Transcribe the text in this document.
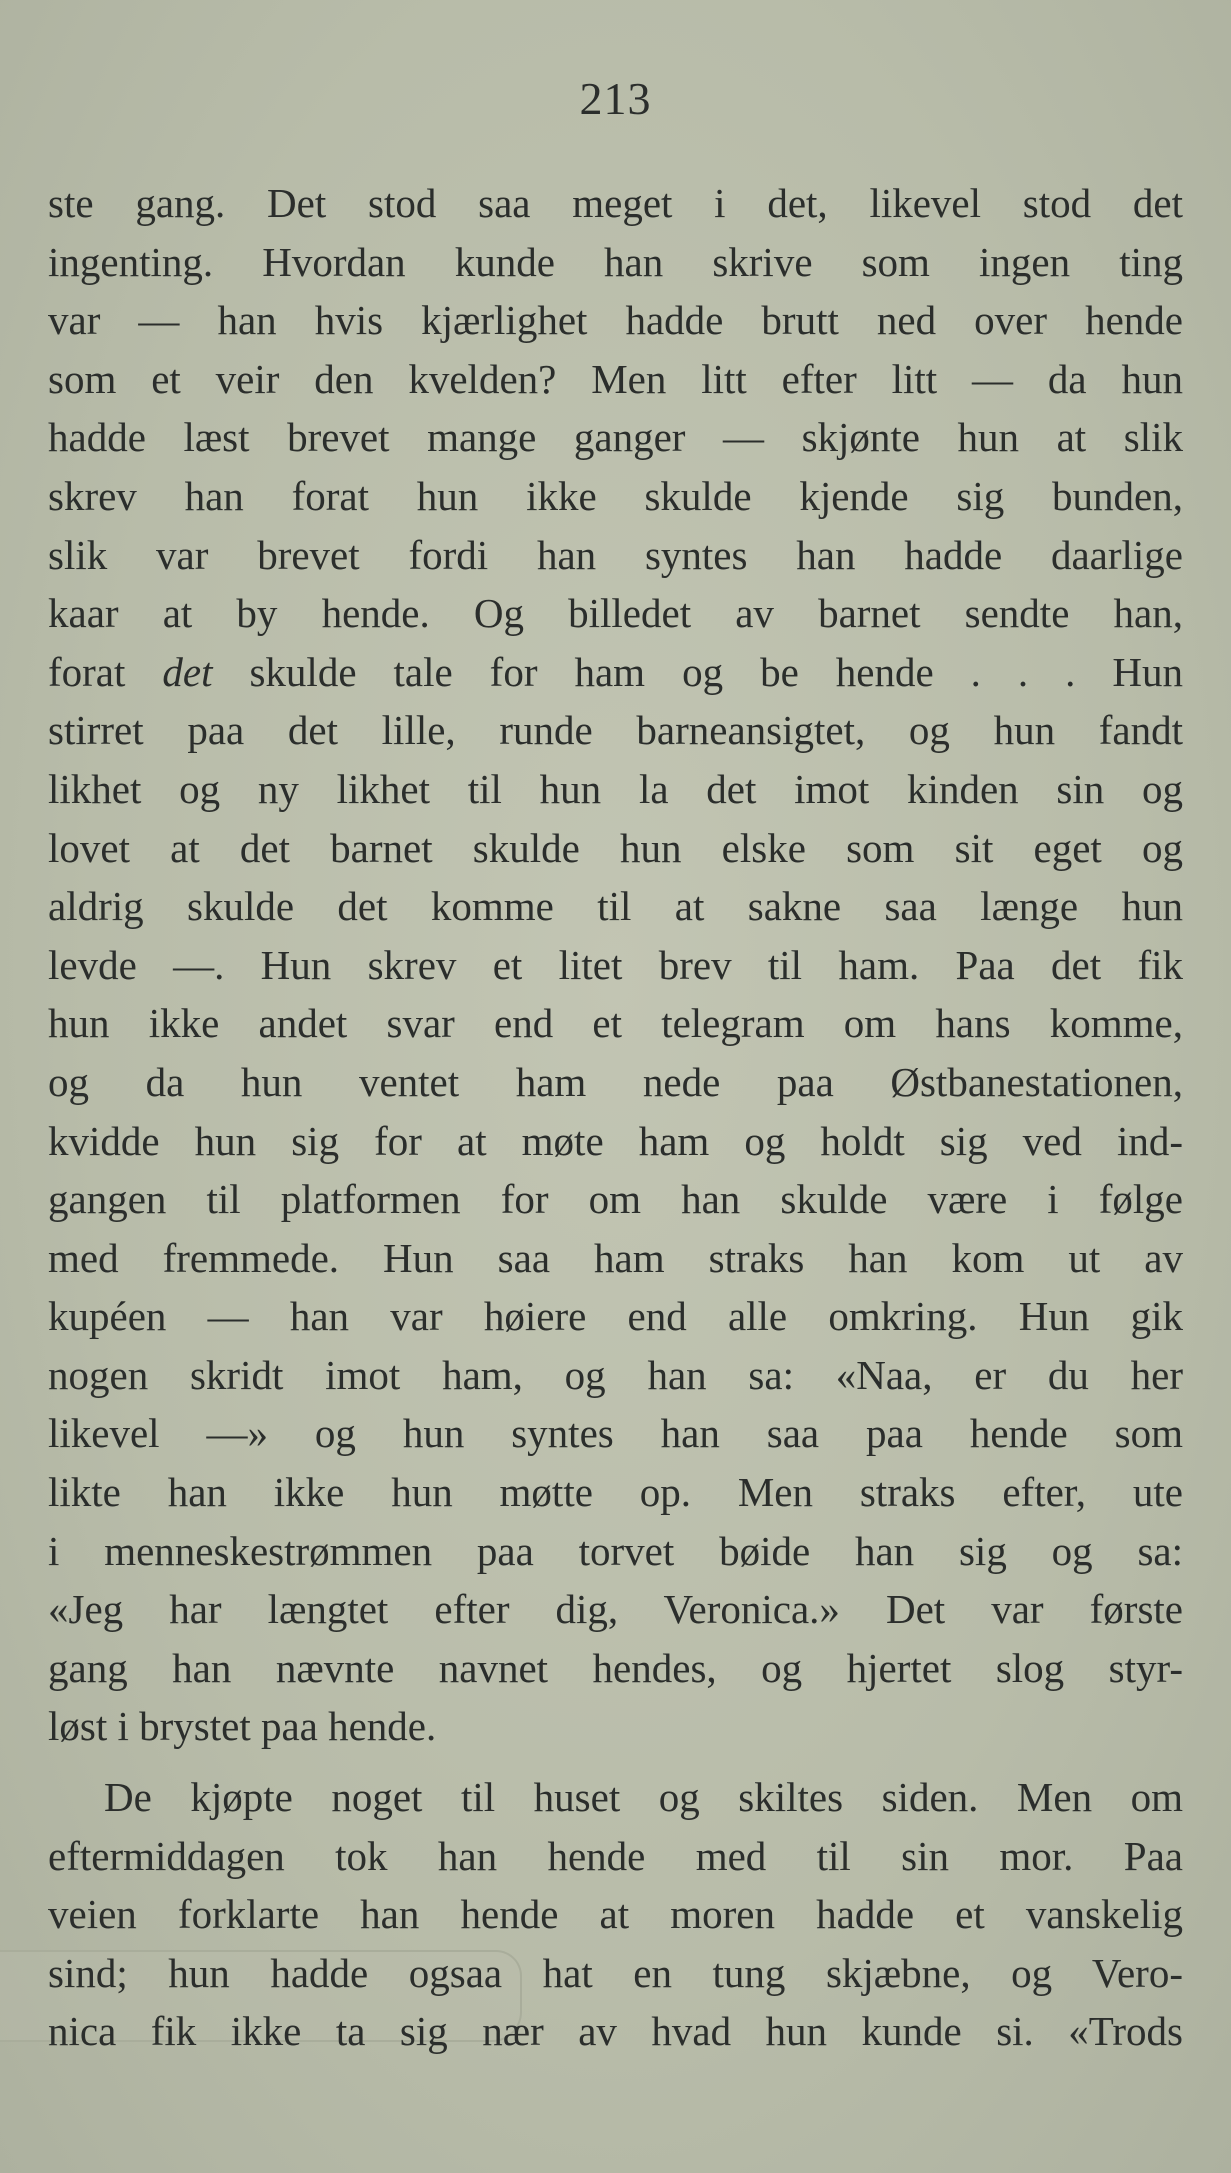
213
ste gang. Det stod saa meget i det, likevel stod det
ingenting. Hvordan kunde han skrive som ingen ting
var — han hvis kjærlighet hadde brutt ned over hende
som et veir den kvelden? Men litt efter litt — da hun
hadde læst brevet mange ganger — skjønte hun at slik
skrev han forat hun ikke skulde kjende sig bunden,
slik var brevet fordi han syntes han hadde daarlige
kaar at by hende. Og billedet av barnet sendte han,
forat det skulde tale for ham og be hende . . . Hun
stirret paa det lille, runde barneansigtet, og hun fandt
likhet og ny likhet til hun la det imot kinden sin og
lovet at det barnet skulde hun elske som sit eget og
aldrig skulde det komme til at sakne saa længe hun
levde —. Hun skrev et litet brev til ham. Paa det fik
hun ikke andet svar end et telegram om hans komme,
og da hun ventet ham nede paa Østbanestationen,
kvidde hun sig for at møte ham og holdt sig ved ind-
gangen til platformen for om han skulde være i følge
med fremmede. Hun saa ham straks han kom ut av
kupéen — han var høiere end alle omkring. Hun gik
nogen skridt imot ham, og han sa: «Naa, er du her
likevel —» og hun syntes han saa paa hende som
likte han ikke hun møtte op. Men straks efter, ute
i menneskestrømmen paa torvet bøide han sig og sa:
«Jeg har længtet efter dig, Veronica.» Det var første
gang han nævnte navnet hendes, og hjertet slog styr-
løst i brystet paa hende.
De kjøpte noget til huset og skiltes siden. Men om
eftermiddagen tok han hende med til sin mor. Paa
veien forklarte han hende at moren hadde et vanskelig
sind; hun hadde ogsaa hat en tung skjæbne, og Vero-
nica fik ikke ta sig nær av hvad hun kunde si. «Trods
